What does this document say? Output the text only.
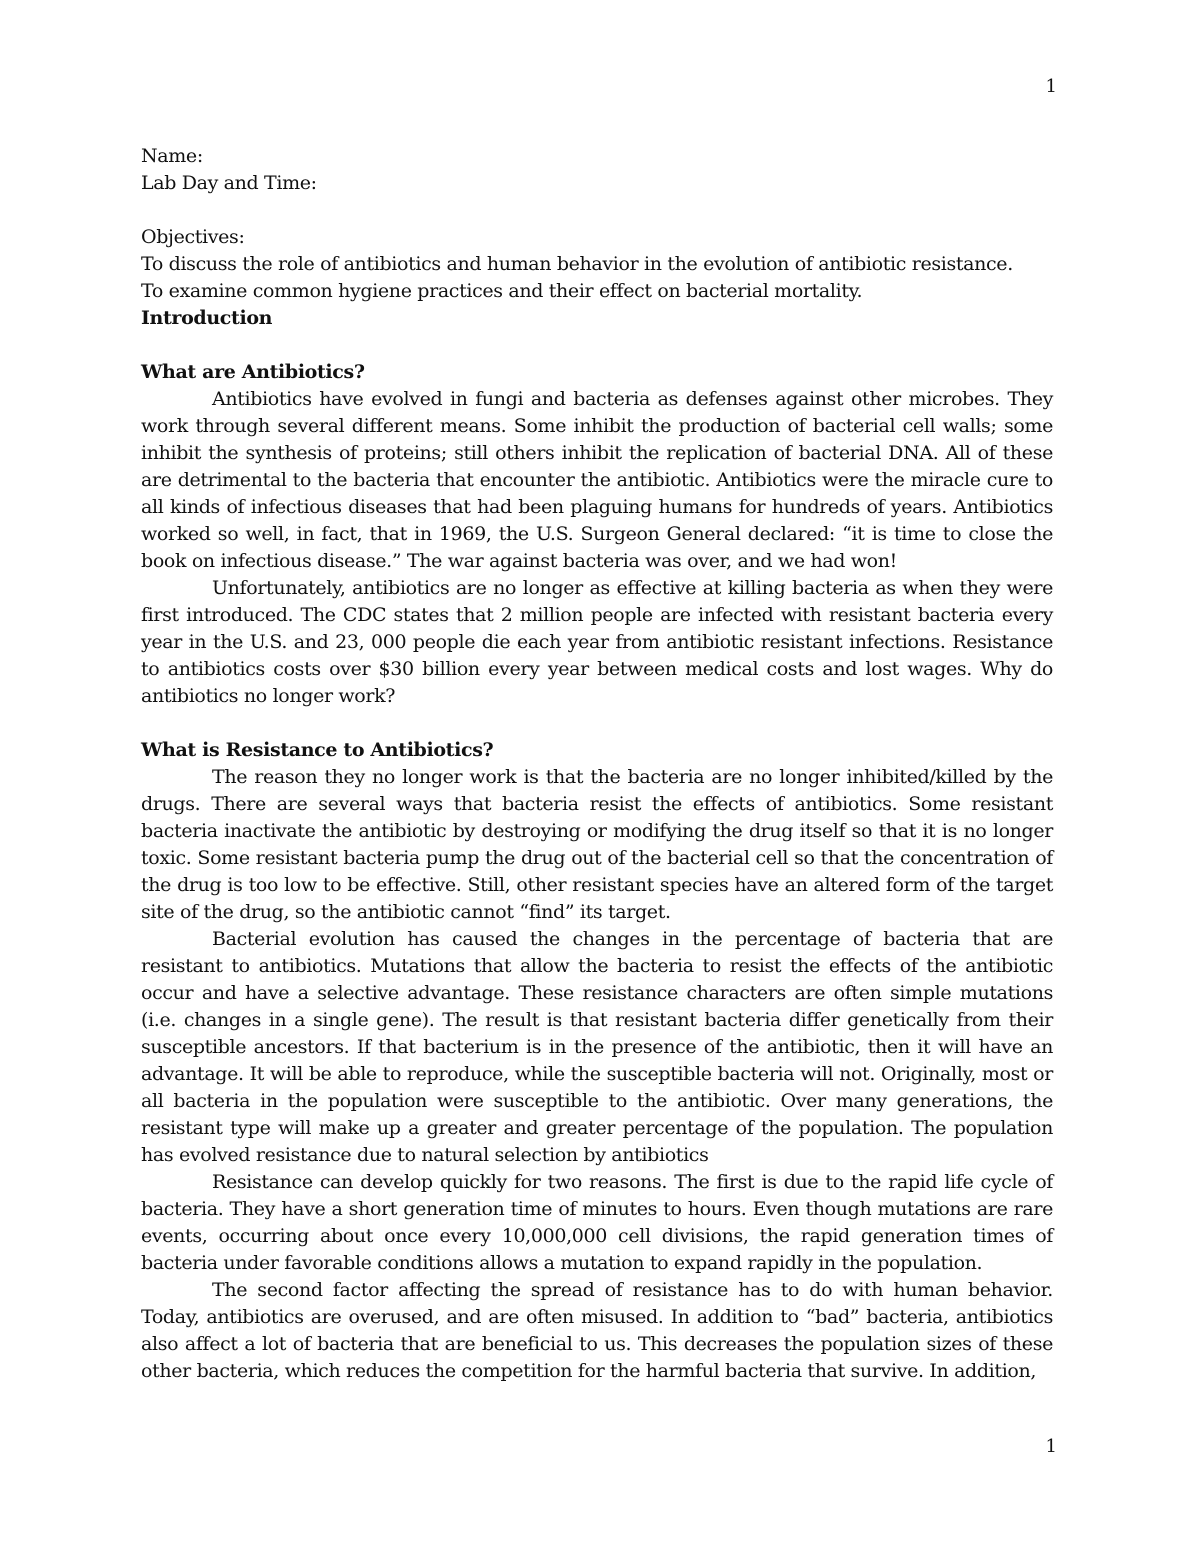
1
Name:
Lab Day and Time:
Objectives:
To discuss the role of antibiotics and human behavior in the evolution of antibiotic resistance.
To examine common hygiene practices and their effect on bacterial mortality.
Introduction
What are Antibiotics?

Antibiotics have evolved in fungi and bacteria as defenses against other microbes. They work through several different means. Some inhibit the production of bacterial cell walls; some inhibit the synthesis of proteins; still others inhibit the replication of bacterial DNA. All of these are detrimental to the bacteria that encounter the antibiotic. Antibiotics were the miracle cure to all kinds of infectious diseases that had been plaguing humans for hundreds of years. Antibiotics worked so well, in fact, that in 1969, the U.S. Surgeon General declared: “it is time to close the book on infectious disease.” The war against bacteria was over, and we had won!

Unfortunately, antibiotics are no longer as effective at killing bacteria as when they were first introduced. The CDC states that 2 million people are infected with resistant bacteria every year in the U.S. and 23, 000 people die each year from antibiotic resistant infections. Resistance to antibiotics costs over $30 billion every year between medical costs and lost wages. Why do antibiotics no longer work?

What is Resistance to Antibiotics?

The reason they no longer work is that the bacteria are no longer inhibited/killed by the drugs. There are several ways that bacteria resist the effects of antibiotics. Some resistant bacteria inactivate the antibiotic by destroying or modifying the drug itself so that it is no longer toxic. Some resistant bacteria pump the drug out of the bacterial cell so that the concentration of the drug is too low to be effective. Still, other resistant species have an altered form of the target site of the drug, so the antibiotic cannot “find” its target.

Bacterial evolution has caused the changes in the percentage of bacteria that are resistant to antibiotics. Mutations that allow the bacteria to resist the effects of the antibiotic occur and have a selective advantage. These resistance characters are often simple mutations (i.e. changes in a single gene). The result is that resistant bacteria differ genetically from their susceptible ancestors. If that bacterium is in the presence of the antibiotic, then it will have an advantage. It will be able to reproduce, while the susceptible bacteria will not. Originally, most or all bacteria in the population were susceptible to the antibiotic. Over many generations, the resistant type will make up a greater and greater percentage of the population. The population has evolved resistance due to natural selection by antibiotics

Resistance can develop quickly for two reasons. The first is due to the rapid life cycle of bacteria. They have a short generation time of minutes to hours. Even though mutations are rare events, occurring about once every 10,000,000 cell divisions, the rapid generation times of bacteria under favorable conditions allows a mutation to expand rapidly in the population.

The second factor affecting the spread of resistance has to do with human behavior. Today, antibiotics are overused, and are often misused. In addition to “bad” bacteria, antibiotics also affect a lot of bacteria that are beneficial to us. This decreases the population sizes of these other bacteria, which reduces the competition for the harmful bacteria that survive. In addition,

1
